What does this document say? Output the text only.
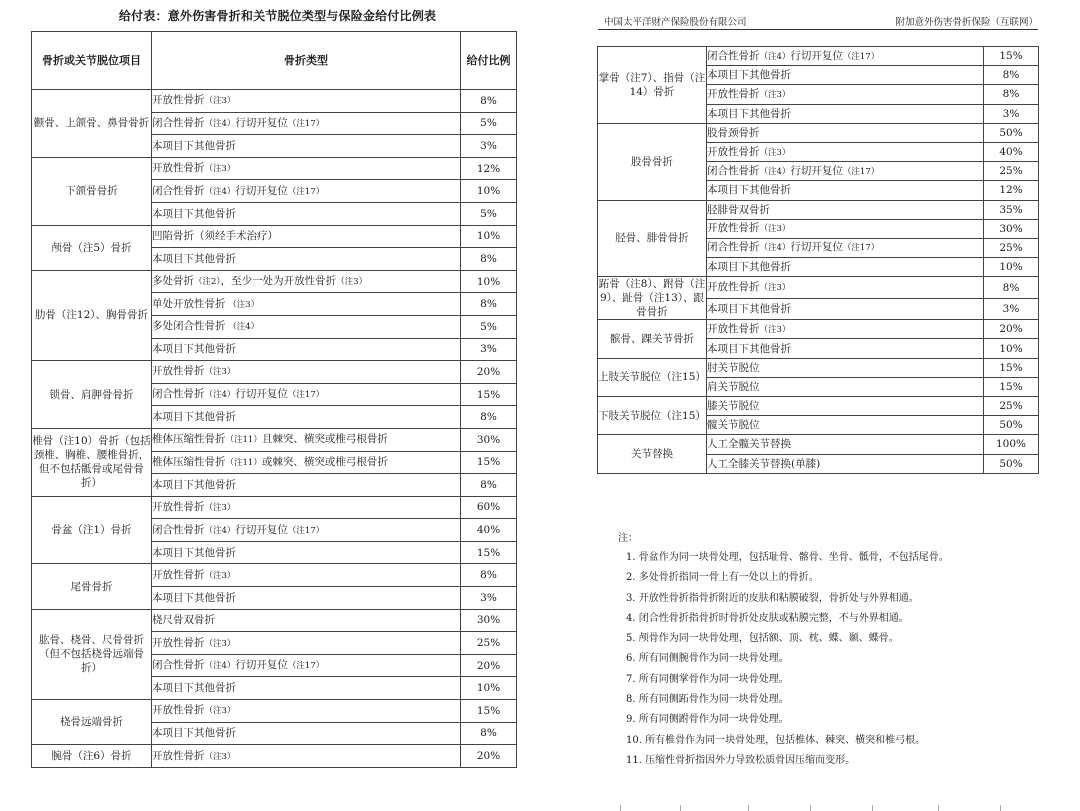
给付表：意外伤害骨折和关节脱位类型与保险金给付比例表
骨折或关节脱位项目	骨折类型	给付比例
颧骨、上颌骨、鼻骨骨折	开放性骨折（注3）	8%
	闭合性骨折（注4）行切开复位（注17）	5%
	本项目下其他骨折	3%
下颌骨骨折	开放性骨折（注3）	12%
	闭合性骨折（注4）行切开复位（注17）	10%
	本项目下其他骨折	5%
颅骨（注5）骨折	凹陷骨折（须经手术治疗）	10%
	本项目下其他骨折	8%
肋骨（注12）、胸骨骨折	多处骨折（注2），至少一处为开放性骨折（注3）	10%
	单处开放性骨折 （注3）	8%
	多处闭合性骨折 （注4）	5%
	本项目下其他骨折	3%
锁骨、肩胛骨骨折	开放性骨折（注3）	20%
	闭合性骨折（注4）行切开复位（注17）	15%
	本项目下其他骨折	8%
椎骨（注10）骨折（包括颈椎、胸椎、腰椎骨折，但不包括骶骨或尾骨骨折）	椎体压缩性骨折（注11）且棘突、横突或椎弓根骨折	30%
	椎体压缩性骨折（注11）或棘突、横突或椎弓根骨折	15%
	本项目下其他骨折	8%
骨盆（注1）骨折	开放性骨折（注3）	60%
	闭合性骨折（注4）行切开复位（注17）	40%
	本项目下其他骨折	15%
尾骨骨折	开放性骨折（注3）	8%
	本项目下其他骨折	3%
肱骨、桡骨、尺骨骨折（但不包括桡骨远端骨折）	桡尺骨双骨折	30%
	开放性骨折（注3）	25%
	闭合性骨折（注4）行切开复位（注17）	20%
	本项目下其他骨折	10%
桡骨远端骨折	开放性骨折（注3）	15%
	本项目下其他骨折	8%
腕骨（注6）骨折	开放性骨折（注3）	20%
中国太平洋财产保险股份有限公司	附加意外伤害骨折保险（互联网）
掌骨（注7）、指骨（注14）骨折	闭合性骨折（注4）行切开复位（注17）	15%
	本项目下其他骨折	8%
	开放性骨折（注3）	8%
	本项目下其他骨折	3%
股骨骨折	股骨颈骨折	50%
	开放性骨折（注3）	40%
	闭合性骨折（注4）行切开复位（注17）	25%
	本项目下其他骨折	12%
胫骨、腓骨骨折	胫腓骨双骨折	35%
	开放性骨折（注3）	30%
	闭合性骨折（注4）行切开复位（注17）	25%
	本项目下其他骨折	10%
跖骨（注8）、跗骨（注9）、趾骨（注13）、跟骨骨折	开放性骨折（注3）	8%
	本项目下其他骨折	3%
髌骨、踝关节骨折	开放性骨折（注3）	20%
	本项目下其他骨折	10%
上肢关节脱位（注15）	肘关节脱位	15%
	肩关节脱位	15%
下肢关节脱位（注15）	膝关节脱位	25%
	髋关节脱位	50%
关节替换	人工全髋关节替换	100%
	人工全膝关节替换(单膝)	50%
注：
1. 骨盆作为同一块骨处理，包括耻骨、髂骨、坐骨、骶骨，不包括尾骨。
2. 多处骨折指同一骨上有一处以上的骨折。
3. 开放性骨折指骨折附近的皮肤和粘膜破裂，骨折处与外界相通。
4. 闭合性骨折指骨折时骨折处皮肤或粘膜完整，不与外界相通。
5. 颅骨作为同一块骨处理，包括额、顶、枕、蝶、颞、蝶骨。
6. 所有同侧腕骨作为同一块骨处理。
7. 所有同侧掌骨作为同一块骨处理。
8. 所有同侧跖骨作为同一块骨处理。
9. 所有同侧跗骨作为同一块骨处理。
10. 所有椎骨作为同一块骨处理，包括椎体、棘突、横突和椎弓根。
11. 压缩性骨折指因外力导致松质骨因压缩而变形。
